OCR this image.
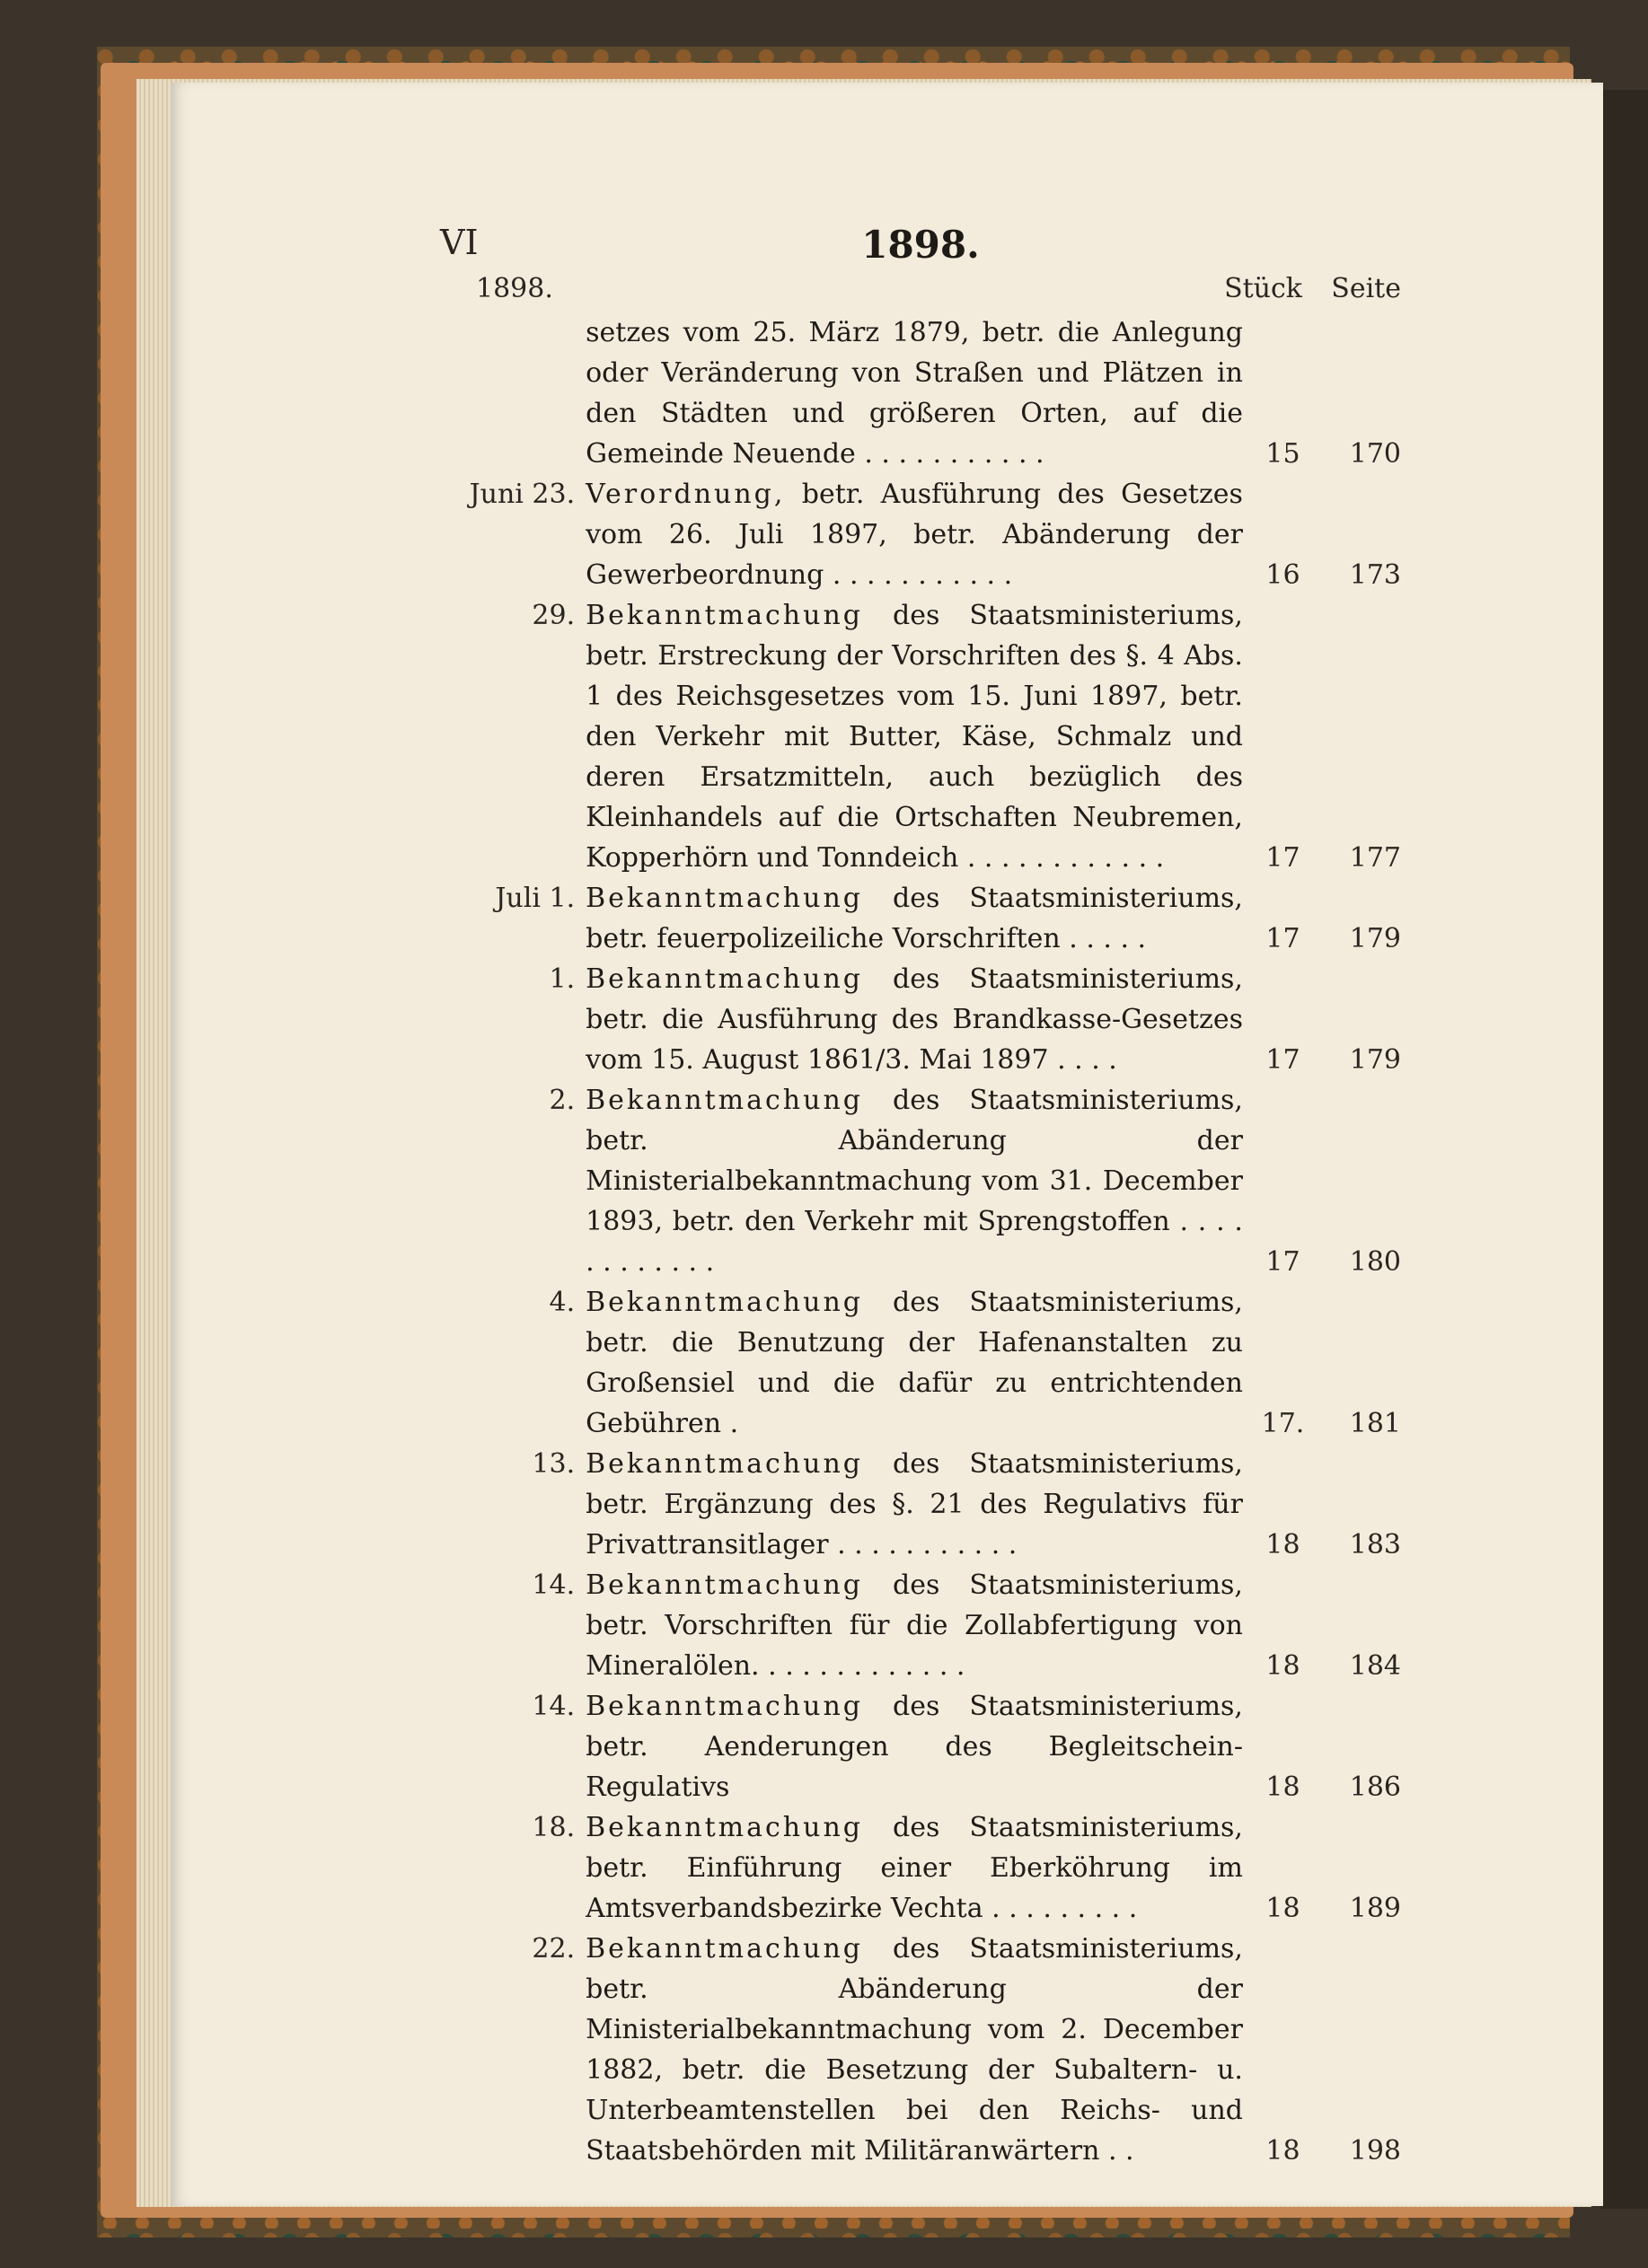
VI	1898.
1898.	Stück Seite
setzes vom 25. März 1879, betr. die Anlegung oder Veränderung von Straßen und Plätzen in den Städten und größeren Orten, auf die Gemeinde Neuende . . . . . . . . . . .	15	170
Juni 23. Verordnung, betr. Ausführung des Gesetzes vom 26. Juli 1897, betr. Abänderung der Gewerbeordnung . . . . . . . . . . .	16	173
29. Bekanntmachung des Staatsministeriums, betr. Erstreckung der Vorschriften des §. 4 Abs. 1 des Reichsgesetzes vom 15. Juni 1897, betr. den Verkehr mit Butter, Käse, Schmalz und deren Ersatzmitteln, auch bezüglich des Kleinhandels auf die Ortschaften Neubremen, Kopperhörn und Tonndeich . . . . . . . . . . . .	17	177
Juli 1. Bekanntmachung des Staatsministeriums, betr. feuerpolizeiliche Vorschriften . . . . .	17	179
1. Bekanntmachung des Staatsministeriums, betr. die Ausführung des Brandkasse-Gesetzes vom 15. August 1861/3. Mai 1897 . . . .	17	179
2. Bekanntmachung des Staatsministeriums, betr. Abänderung der Ministerialbekanntmachung vom 31. December 1893, betr. den Verkehr mit Sprengstoffen . . . . . . . . . . . .	17	180
4. Bekanntmachung des Staatsministeriums, betr. die Benutzung der Hafenanstalten zu Großensiel und die dafür zu entrichtenden Gebühren .	17.	181
13. Bekanntmachung des Staatsministeriums, betr. Ergänzung des §. 21 des Regulativs für Privattransitlager . . . . . . . . . . .	18	183
14. Bekanntmachung des Staatsministeriums, betr. Vorschriften für die Zollabfertigung von Mineralölen. . . . . . . . . . . . .	18	184
14. Bekanntmachung des Staatsministeriums, betr. Aenderungen des Begleitschein-Regulativs	18	186
18. Bekanntmachung des Staatsministeriums, betr. Einführung einer Eberköhrung im Amtsverbandsbezirke Vechta . . . . . . . . .	18	189
22. Bekanntmachung des Staatsministeriums, betr. Abänderung der Ministerialbekanntmachung vom 2. December 1882, betr. die Besetzung der Subaltern- u. Unterbeamtenstellen bei den Reichs- und Staatsbehörden mit Militäranwärtern . .	18	198
